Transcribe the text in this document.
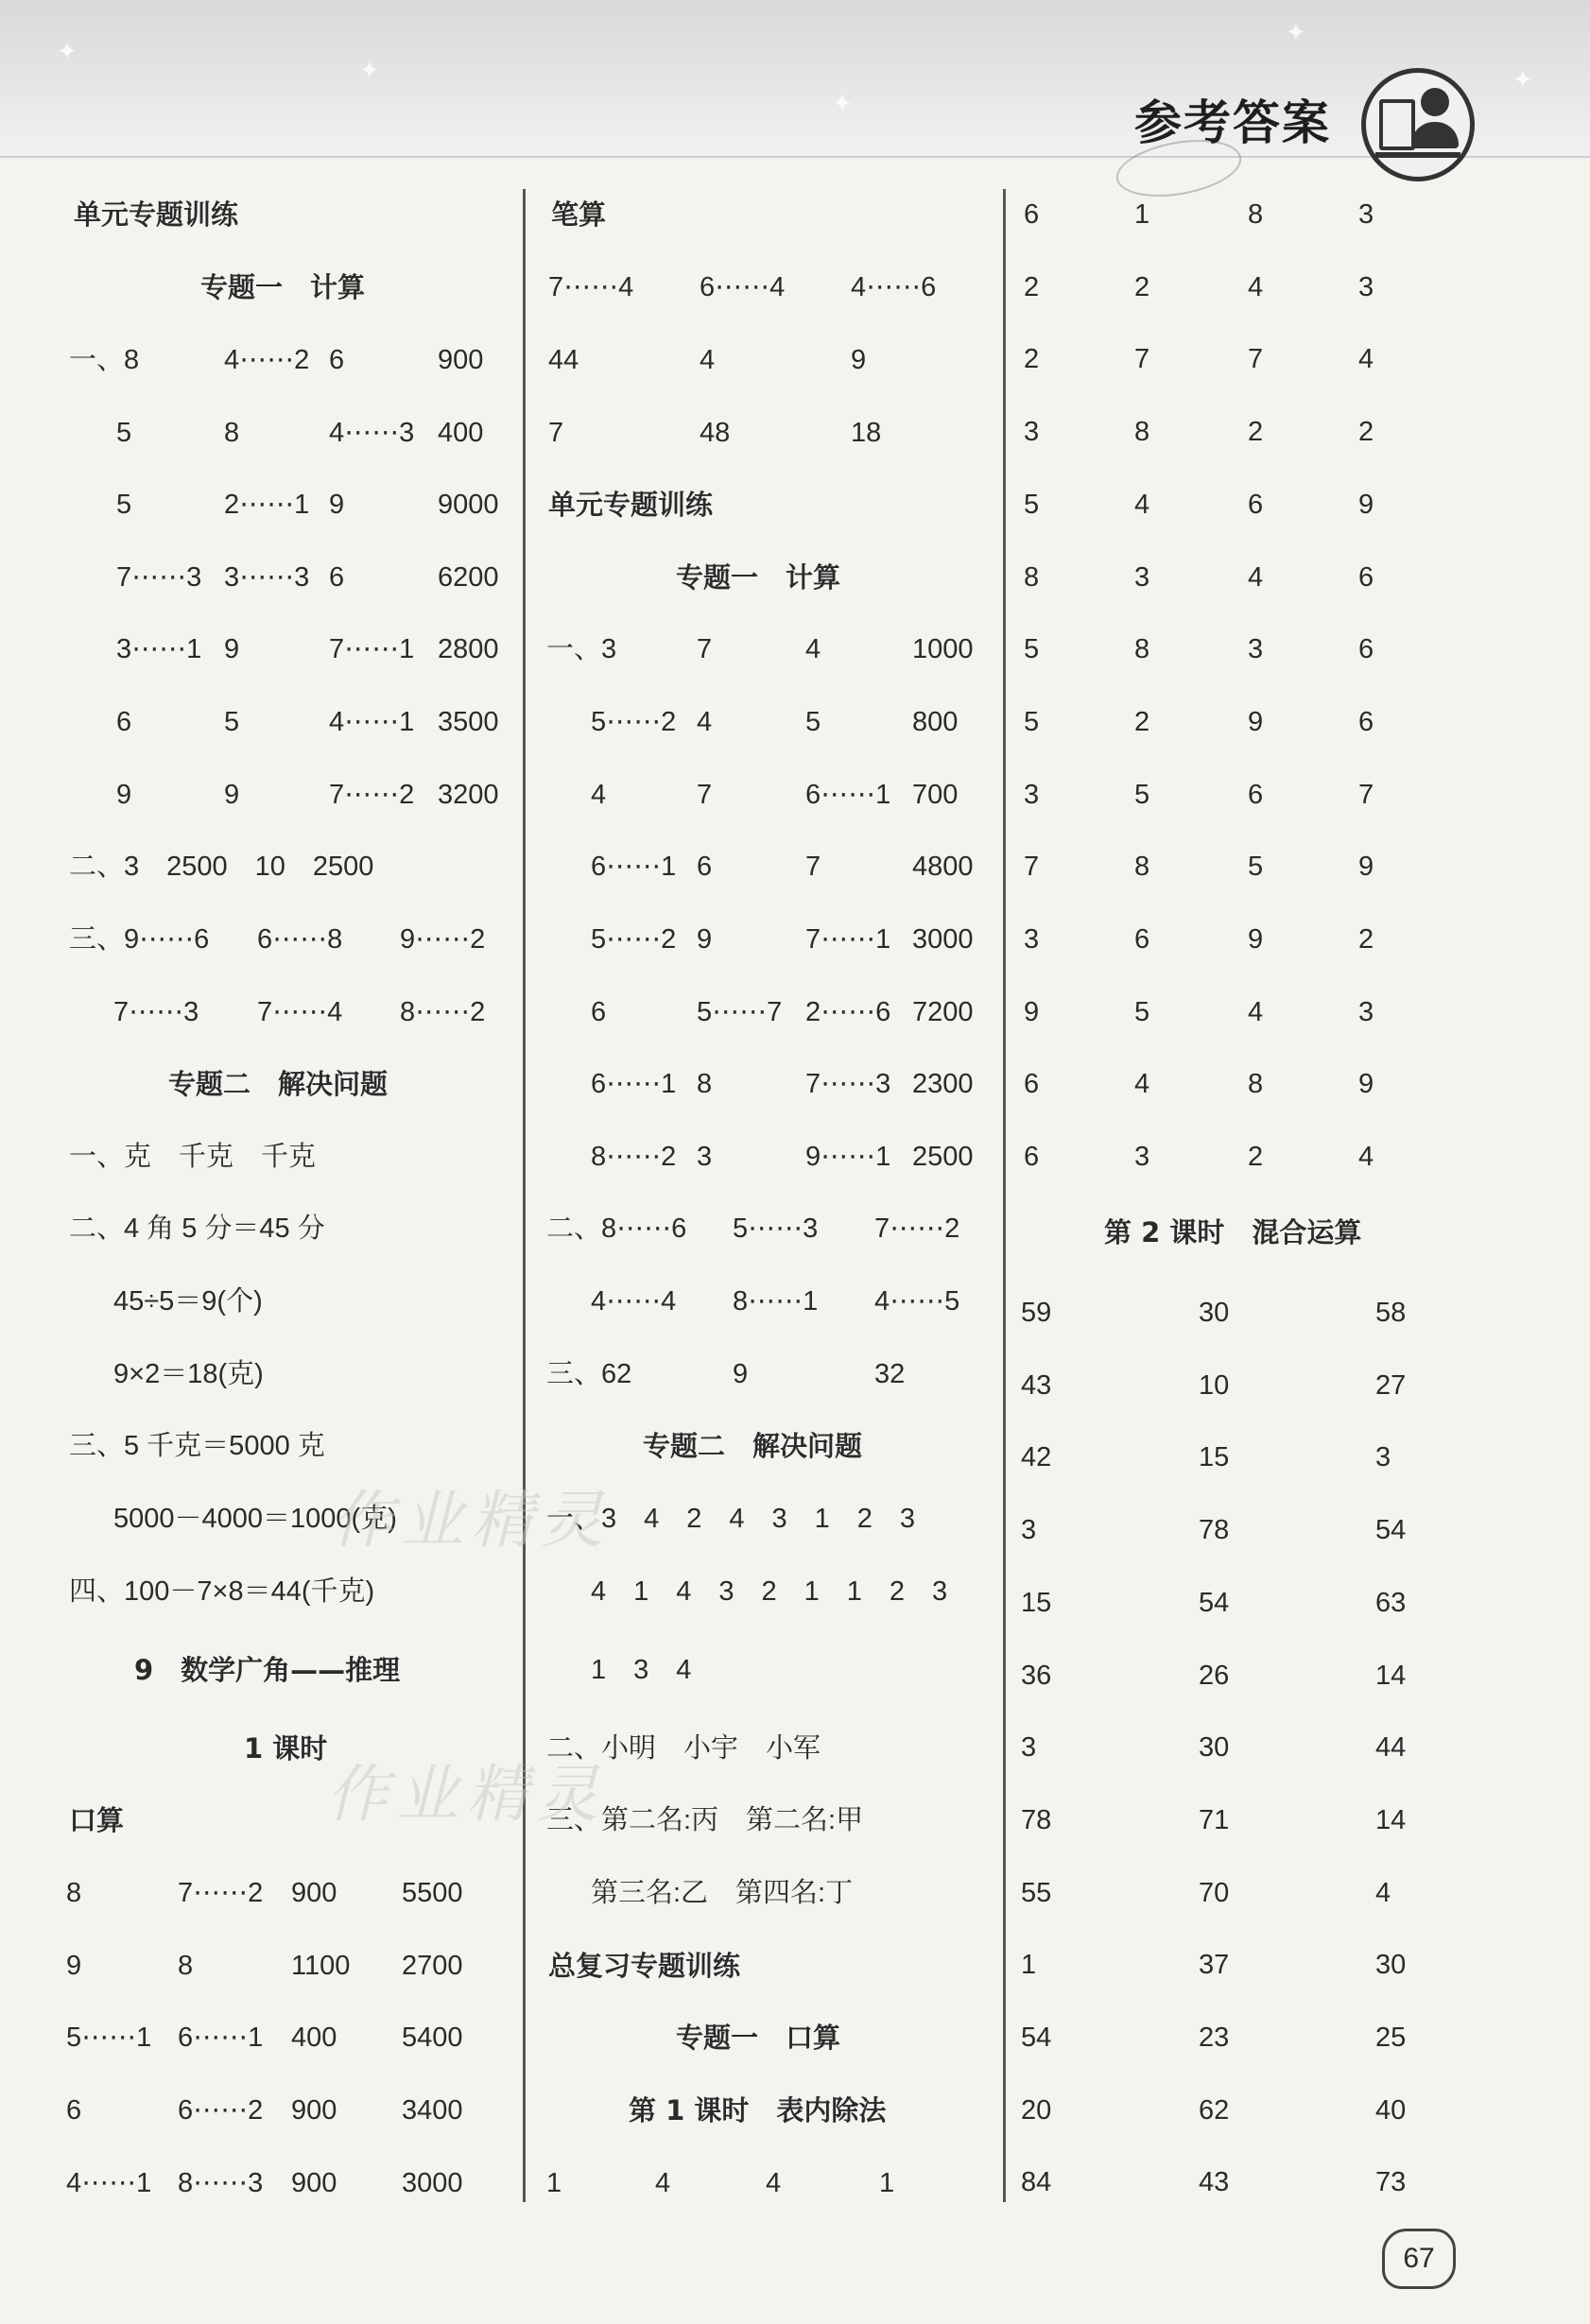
✦
✦
✦
✦
✦
参考答案
单元专题训练
专题一　计算
一、8	4⋯⋯2 6	900
5	8	4⋯⋯3 400
5	2⋯⋯1 9	9000
7⋯⋯3 3⋯⋯3 6	6200
3⋯⋯1 9	7⋯⋯1 2800
6	5	4⋯⋯1 3500
9	9	7⋯⋯2 3200
二、3　2500　10　2500
三、9⋯⋯6 6⋯⋯8 9⋯⋯2
7⋯⋯3 7⋯⋯4 8⋯⋯2
专题二　解决问题
一、克　千克　千克
二、4 角 5 分＝45 分
45÷5＝9(个)
9×2＝18(克)
三、5 千克＝5000 克
5000－4000＝1000(克)
四、100－7×8＝44(千克)
9　数学广角——推理
1 课时
口算
8	7⋯⋯2 900 5500
9	8	1100 2700
5⋯⋯1 6⋯⋯1 400 5400
6	6⋯⋯2 900 3400
4⋯⋯1 8⋯⋯3 900 3000
笔算
7⋯⋯4 6⋯⋯4 4⋯⋯6
44	4	9
7	48	18
单元专题训练
专题一　计算
一、3	7	4	1000
5⋯⋯2 4	5	800
4	7	6⋯⋯1 700
6⋯⋯1 6	7	4800
5⋯⋯2 9	7⋯⋯1 3000
6	5⋯⋯7 2⋯⋯6 7200
6⋯⋯1 8	7⋯⋯3 2300
8⋯⋯2 3	9⋯⋯1 2500
二、8⋯⋯6 5⋯⋯3 7⋯⋯2
4⋯⋯4 8⋯⋯1 4⋯⋯5
三、62	9	32
专题二　解决问题
一、3　4　2　4　3　1　2　3
4　1　4　3　2　1　1　2　3
1　3　4
二、小明　小宇　小军
三、第二名:丙　第二名:甲
第三名:乙　第四名:丁
总复习专题训练
专题一　口算
第 1 课时　表内除法
1	4	4	1
6	1	8	3
2	2	4	3
2	7	7	4
3	8	2	2
5	4	6	9
8	3	4	6
5	8	3	6
5	2	9	6
3	5	6	7
7	8	5	9
3	6	9	2
9	5	4	3
6	4	8	9
6	3	2	4
第 2 课时　混合运算
59	30	58
43	10	27
42	15	3
3	78	54
15	54	63
36	26	14
3	30	44
78	71	14
55	70	4
1	37	30
54	23	25
20	62	40
84	43	73
作业精灵
作业精灵
67
